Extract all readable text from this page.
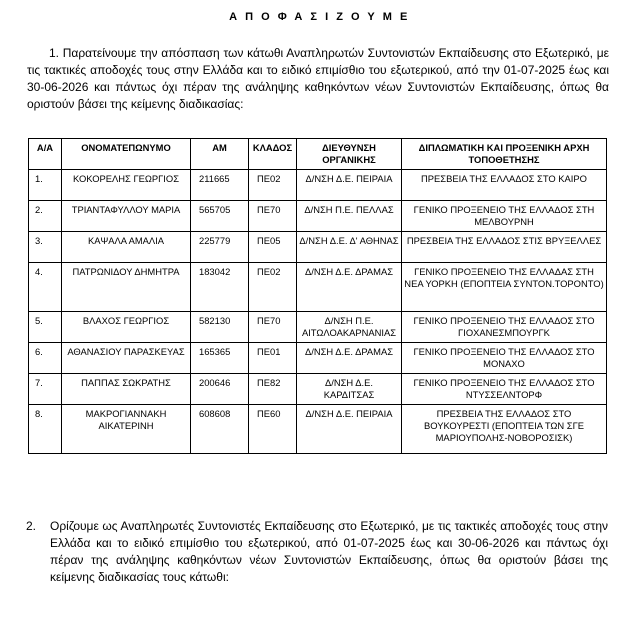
Α Π Ο Φ Α Σ Ι Ζ Ο Υ Μ Ε
1. Παρατείνουμε την απόσπαση των κάτωθι Αναπληρωτών Συντονιστών Εκπαίδευσης στο Εξωτερικό, με τις τακτικές αποδοχές τους στην Ελλάδα και το ειδικό επιμίσθιο του εξωτερικού, από την 01-07-2025 έως και 30-06-2026 και πάντως όχι πέραν της ανάληψης καθηκόντων νέων Συντονιστών Εκπαίδευσης, όπως θα οριστούν βάσει της κείμενης διαδικασίας:
Α/Α	ΟΝΟΜΑΤΕΠΩΝΥΜΟ	ΑΜ	ΚΛΑΔΟΣ	ΔΙΕΥΘΥΝΣΗ ΟΡΓΑΝΙΚΗΣ	ΔΙΠΛΩΜΑΤΙΚΗ ΚΑΙ ΠΡΟΞΕΝΙΚΗ ΑΡΧΗ ΤΟΠΟΘΕΤΗΣΗΣ
1.	ΚΟΚΟΡΕΛΗΣ ΓΕΩΡΓΙΟΣ	211665	ΠΕ02	Δ/ΝΣΗ Δ.Ε. ΠΕΙΡΑΙΑ	ΠΡΕΣΒΕΙΑ ΤΗΣ ΕΛΛΑΔΟΣ ΣΤΟ ΚΑΙΡΟ
2.	ΤΡΙΑΝΤΑΦΥΛΛΟΥ ΜΑΡΙΑ	565705	ΠΕ70	Δ/ΝΣΗ Π.Ε. ΠΕΛΛΑΣ	ΓΕΝΙΚΟ ΠΡΟΞΕΝΕΙΟ ΤΗΣ ΕΛΛΑΔΟΣ ΣΤΗ ΜΕΛΒΟΥΡΝΗ
3.	ΚΑΨΑΛΑ ΑΜΑΛΙΑ	225779	ΠΕ05	Δ/ΝΣΗ Δ.Ε. Δ' ΑΘΗΝΑΣ	ΠΡΕΣΒΕΙΑ ΤΗΣ ΕΛΛΑΔΟΣ ΣΤΙΣ ΒΡΥΞΕΛΛΕΣ
4.	ΠΑΤΡΩΝΙΔΟΥ ΔΗΜΗΤΡΑ	183042	ΠΕ02	Δ/ΝΣΗ Δ.Ε. ΔΡΑΜΑΣ	ΓΕΝΙΚΟ ΠΡΟΞΕΝΕΙΟ ΤΗΣ ΕΛΛΑΔΑΣ ΣΤΗ ΝΕΑ ΥΟΡΚΗ (ΕΠΟΠΤΕΙΑ ΣΥΝΤΟΝ.ΤΟΡΟΝΤΟ)
5.	ΒΛΑΧΟΣ ΓΕΩΡΓΙΟΣ	582130	ΠΕ70	Δ/ΝΣΗ Π.Ε. ΑΙΤΩΛΟΑΚΑΡΝΑΝΙΑΣ	ΓΕΝΙΚΟ ΠΡΟΞΕΝΕΙΟ ΤΗΣ ΕΛΛΑΔΟΣ ΣΤΟ ΓΙΟΧΑΝΕΣΜΠΟΥΡΓΚ
6.	ΑΘΑΝΑΣΙΟΥ ΠΑΡΑΣΚΕΥΑΣ	165365	ΠΕ01	Δ/ΝΣΗ Δ.Ε. ΔΡΑΜΑΣ	ΓΕΝΙΚΟ ΠΡΟΞΕΝΕΙΟ ΤΗΣ ΕΛΛΑΔΟΣ ΣΤΟ ΜΟΝΑΧΟ
7.	ΠΑΠΠΑΣ ΣΩΚΡΑΤΗΣ	200646	ΠΕ82	Δ/ΝΣΗ Δ.Ε. ΚΑΡΔΙΤΣΑΣ	ΓΕΝΙΚΟ ΠΡΟΞΕΝΕΙΟ ΤΗΣ ΕΛΛΑΔΟΣ ΣΤΟ ΝΤΥΣΣΕΛΝΤΟΡΦ
8.	ΜΑΚΡΟΓΙΑΝΝΑΚΗ ΑΙΚΑΤΕΡΙΝΗ	608608	ΠΕ60	Δ/ΝΣΗ Δ.Ε. ΠΕΙΡΑΙΑ	ΠΡΕΣΒΕΙΑ ΤΗΣ ΕΛΛΑΔΟΣ ΣΤΟ ΒΟΥΚΟΥΡΕΣΤΙ (ΕΠΟΠΤΕΙΑ ΤΩΝ ΣΓΕ ΜΑΡΙΟΥΠΟΛΗΣ-ΝΟΒΟΡΟΣΙΣΚ)
2. Ορίζουμε ως Αναπληρωτές Συντονιστές Εκπαίδευσης στο Εξωτερικό, με τις τακτικές αποδοχές τους στην Ελλάδα και το ειδικό επιμίσθιο του εξωτερικού, από 01-07-2025 έως και 30-06-2026 και πάντως όχι πέραν της ανάληψης καθηκόντων νέων Συντονιστών Εκπαίδευσης, όπως θα οριστούν βάσει της κείμενης διαδικασίας τους κάτωθι:
